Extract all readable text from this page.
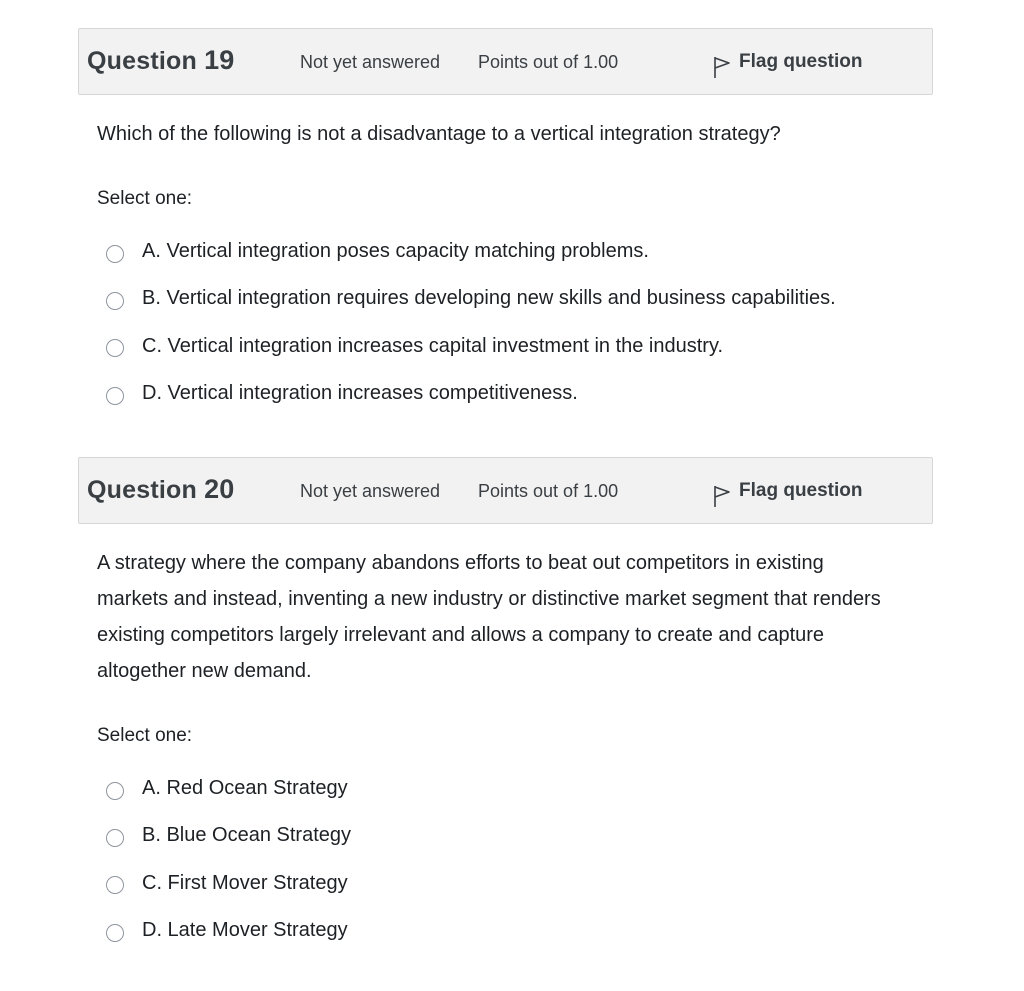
Question 19	Not yet answered Points out of 1.00	Flag question
Which of the following is not a disadvantage to a vertical integration strategy?
Select one:
A. Vertical integration poses capacity matching problems.
B. Vertical integration requires developing new skills and business capabilities.
C. Vertical integration increases capital investment in the industry.
D. Vertical integration increases competitiveness.
Question 20	Not yet answered Points out of 1.00	Flag question
A strategy where the company abandons efforts to beat out competitors in existing markets and instead, inventing a new industry or distinctive market segment that renders existing competitors largely irrelevant and allows a company to create and capture altogether new demand.
Select one:
A. Red Ocean Strategy
B. Blue Ocean Strategy
C. First Mover Strategy
D. Late Mover Strategy
